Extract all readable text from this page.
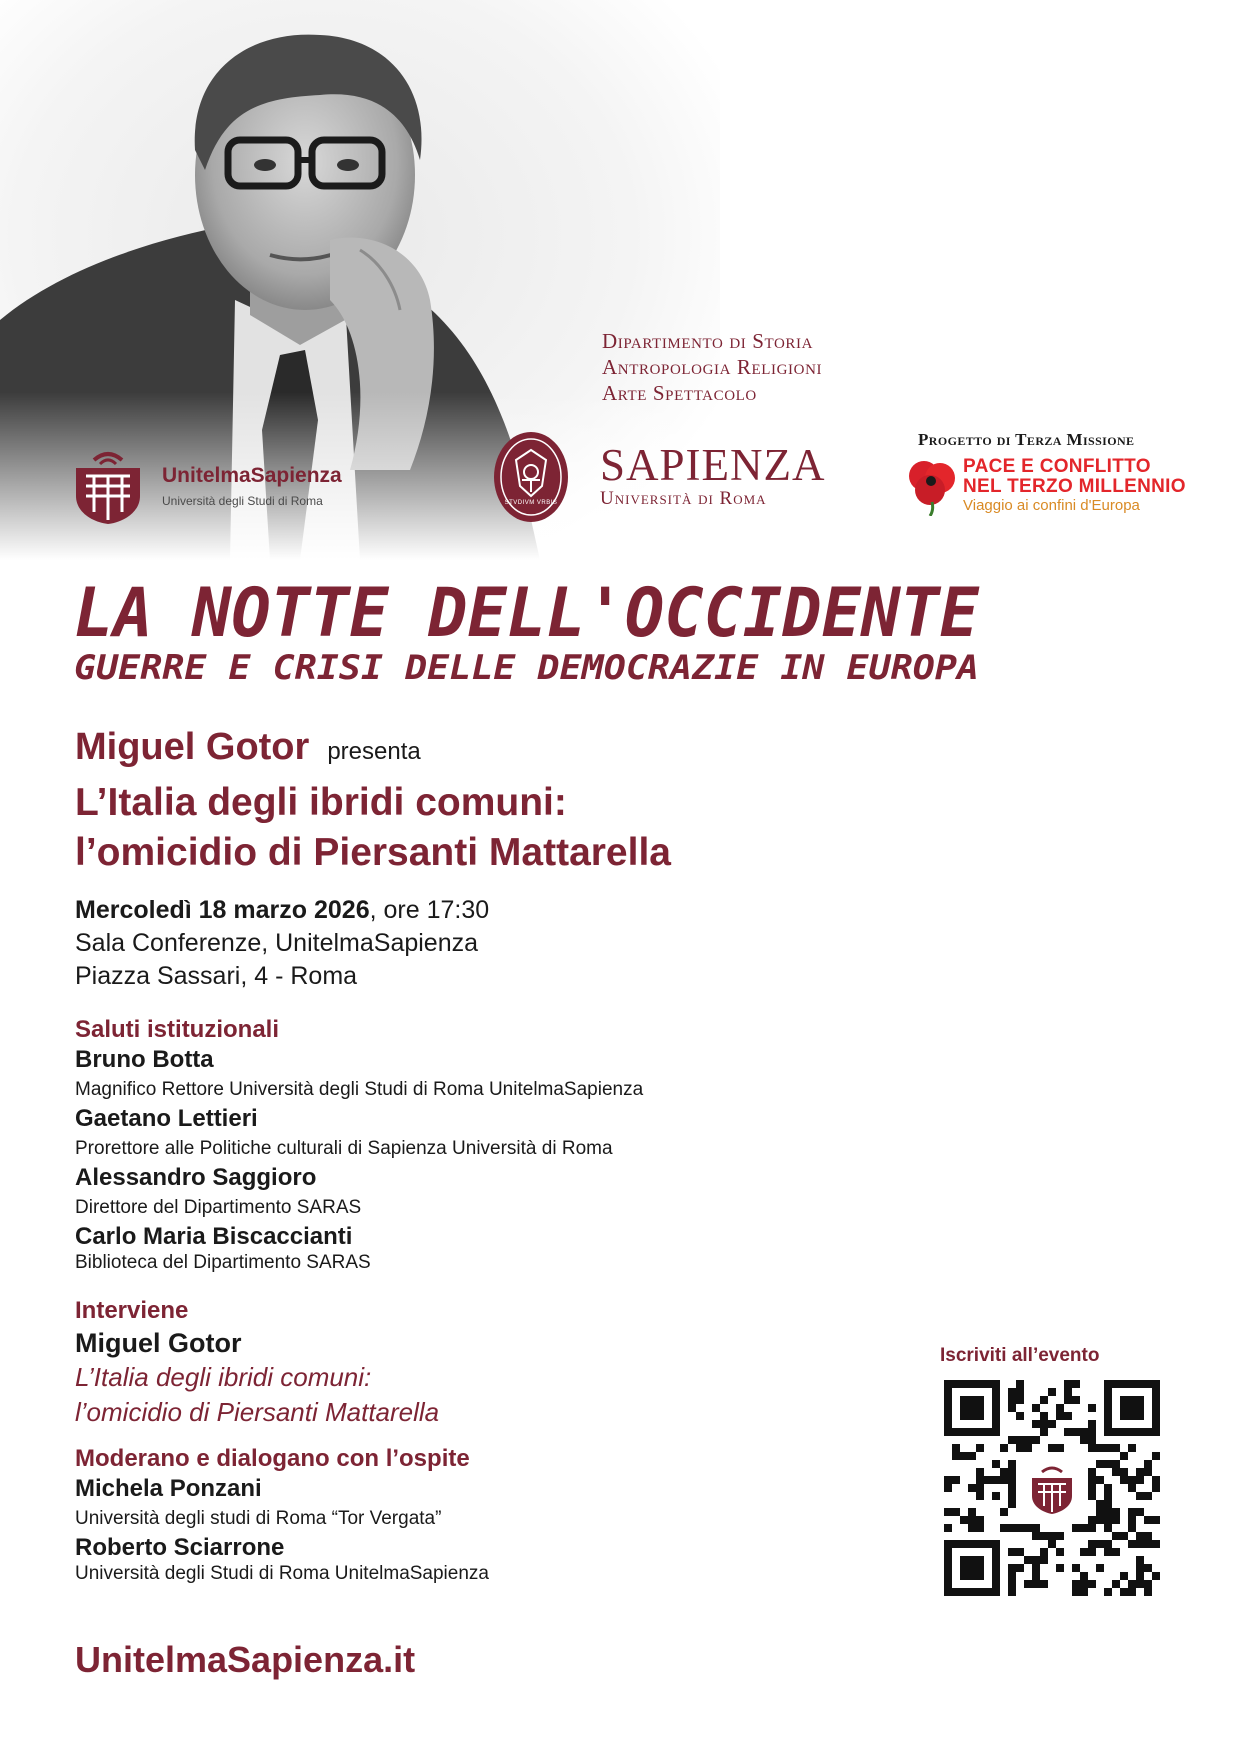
Dipartimento di Storia
Antropologia Religioni
Arte Spettacolo
UnitelmaSapienza
Università degli Studi di Roma	STVDIVM VRBIS
SAPIENZA
Università di Roma
Progetto di Terza Missione
PACE E CONFLITTO
NEL TERZO MILLENNIO
Viaggio ai confini d'Europa
LA NOTTE DELL'OCCIDENTE
GUERRE E CRISI DELLE DEMOCRAZIE IN EUROPA
Miguel Gotor presenta
L’Italia degli ibridi comuni:
l’omicidio di Piersanti Mattarella
Mercoledì 18 marzo 2026, ore 17:30
Sala Conferenze, UnitelmaSapienza
Piazza Sassari, 4 - Roma
Saluti istituzionali
Bruno Botta
Magnifico Rettore Università degli Studi di Roma UnitelmaSapienza
Gaetano Lettieri
Prorettore alle Politiche culturali di Sapienza Università di Roma
Alessandro Saggioro
Direttore del Dipartimento SARAS
Carlo Maria Biscaccianti
Biblioteca del Dipartimento SARAS
Interviene
Miguel Gotor
L’Italia degli ibridi comuni:
l’omicidio di Piersanti Mattarella
Moderano e dialogano con l’ospite
Michela Ponzani
Università degli studi di Roma “Tor Vergata”
Roberto Sciarrone
Università degli Studi di Roma UnitelmaSapienza
UnitelmaSapienza.it
Iscriviti all’evento
